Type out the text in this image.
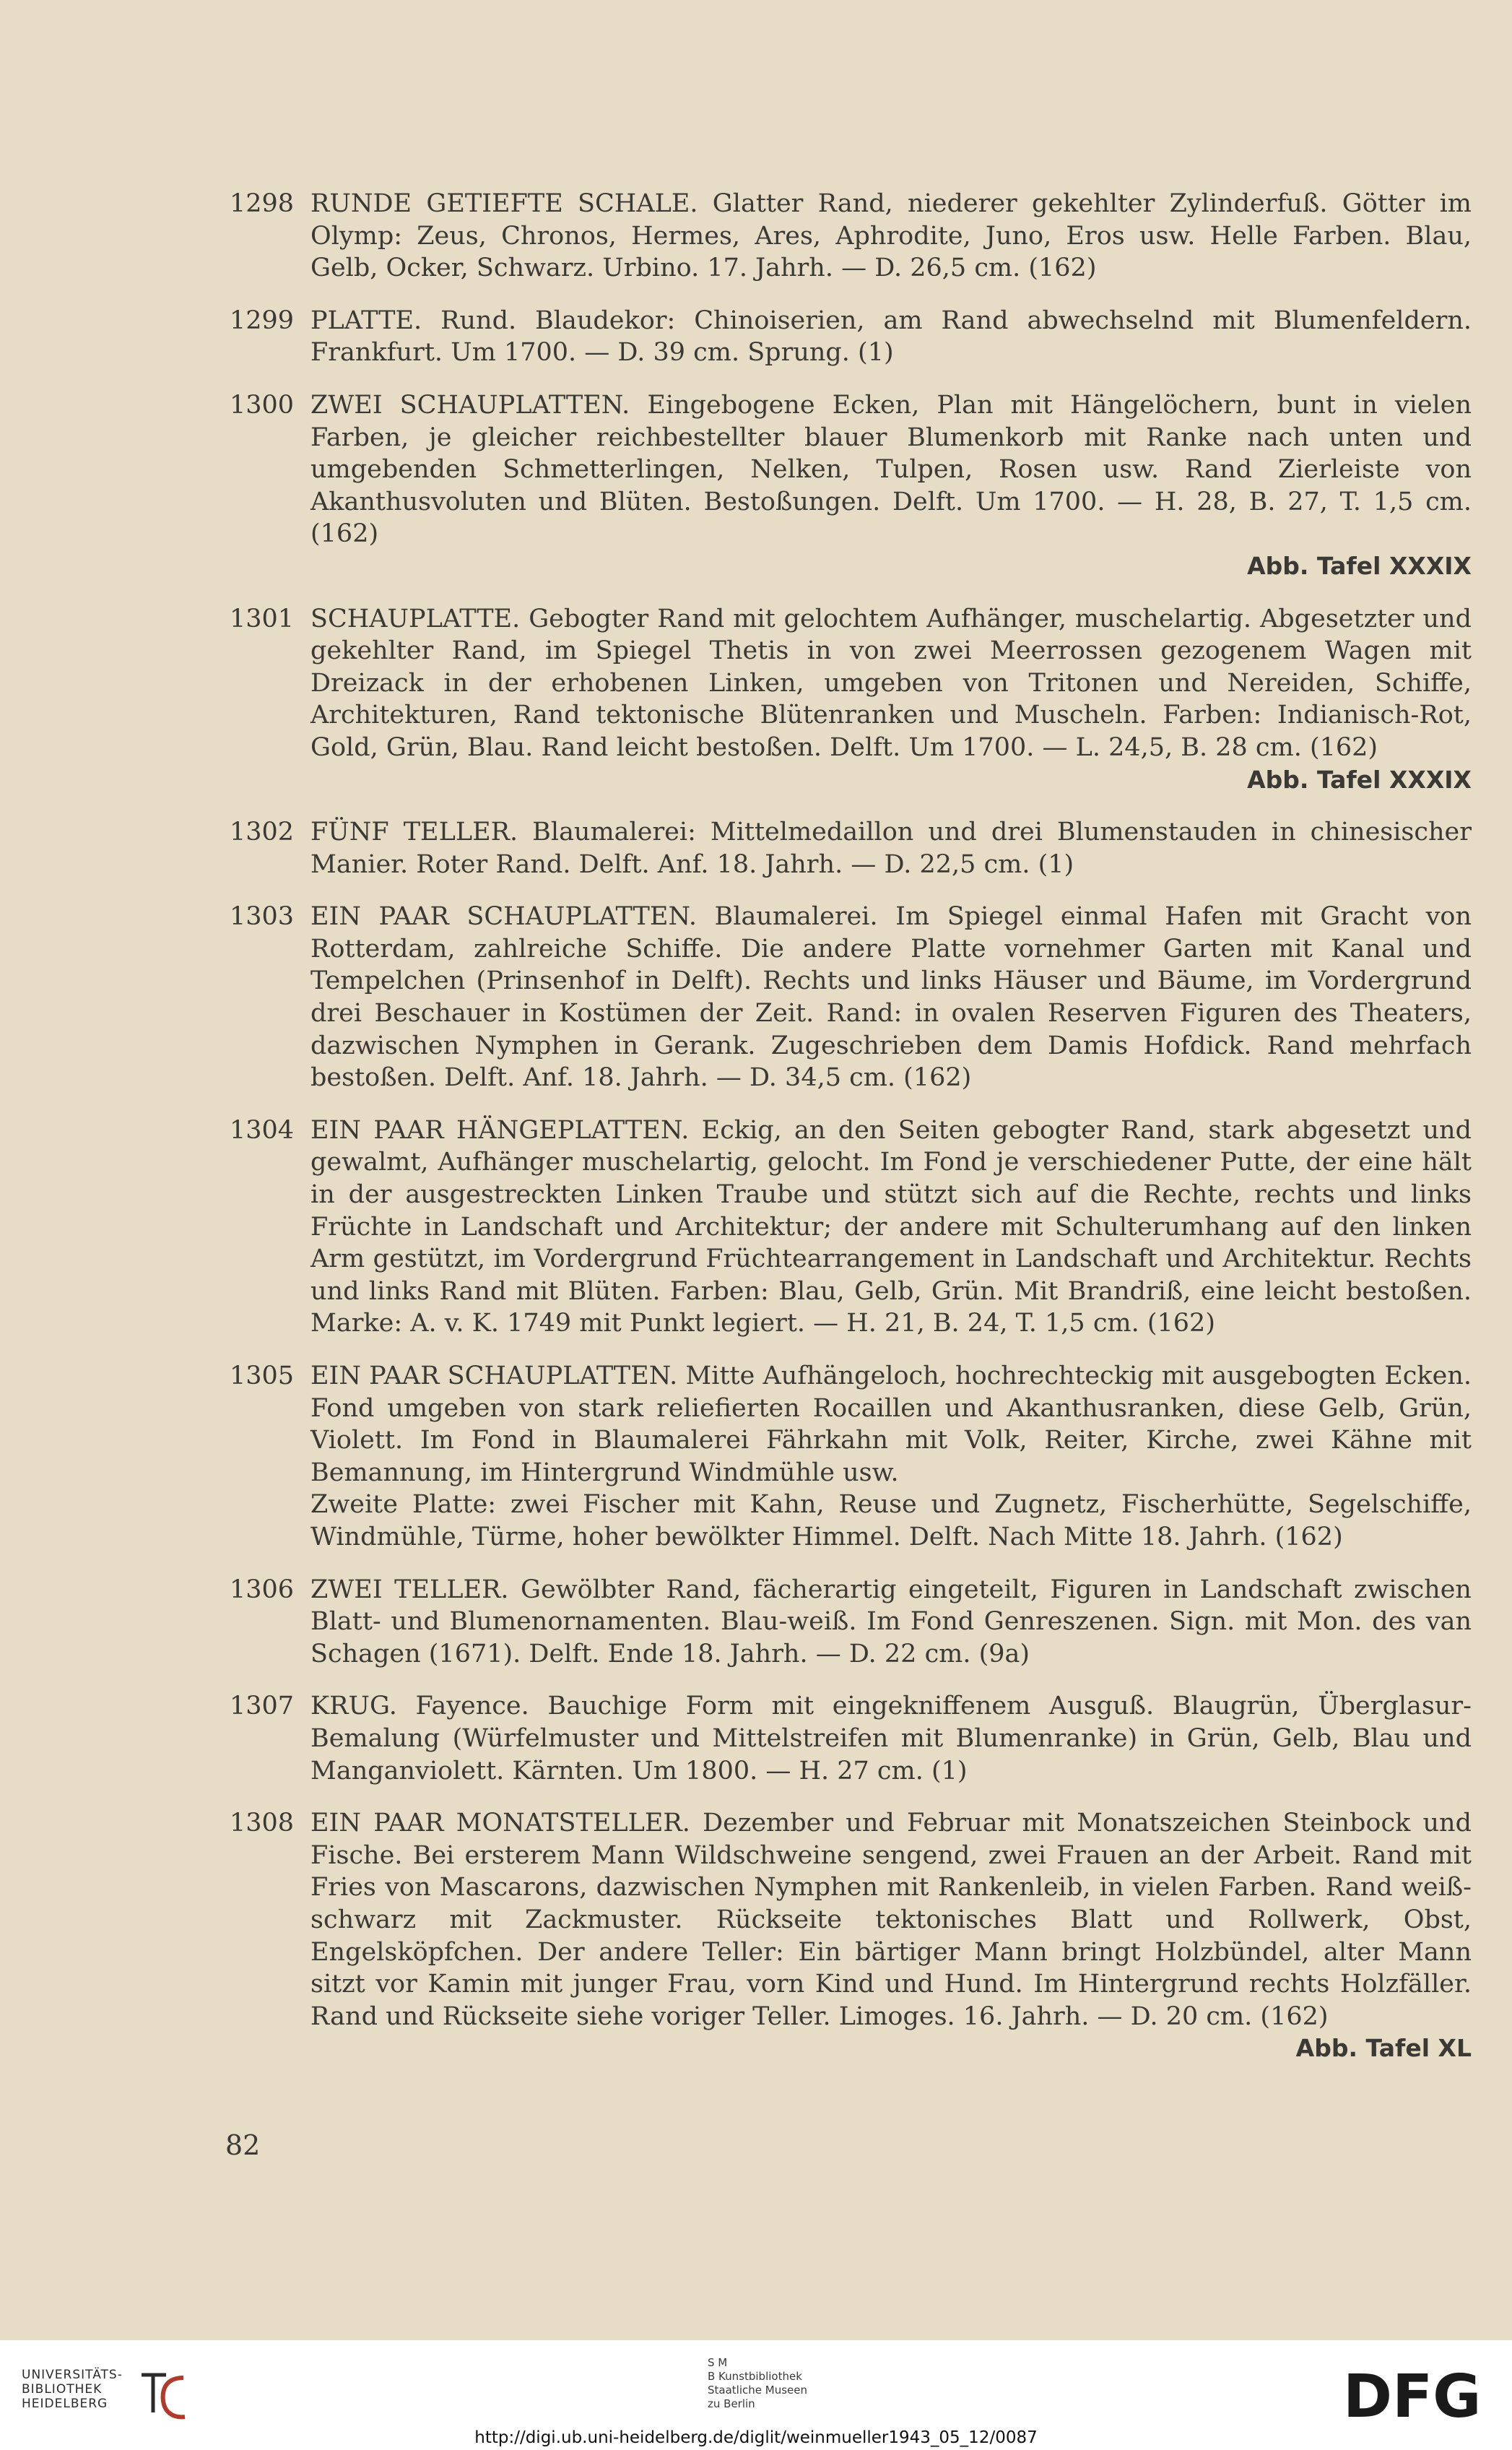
1298 RUNDE GETIEFTE SCHALE. Glatter Rand, niederer gekehlter Zylinderfuß. Götter im Olymp: Zeus, Chronos, Hermes, Ares, Aphrodite, Juno, Eros usw. Helle Farben. Blau, Gelb, Ocker, Schwarz. Urbino. 17. Jahrh. — D. 26,5 cm. (162)
1299 PLATTE. Rund. Blaudekor: Chinoiserien, am Rand abwechselnd mit Blumenfeldern. Frankfurt. Um 1700. — D. 39 cm. Sprung. (1)
1300 ZWEI SCHAUPLATTEN. Eingebogene Ecken, Plan mit Hängelöchern, bunt in vielen Farben, je gleicher reichbestellter blauer Blumenkorb mit Ranke nach unten und umgebenden Schmetterlingen, Nelken, Tulpen, Rosen usw. Rand Zierleiste von Akanthusvoluten und Blüten. Bestoßungen. Delft. Um 1700. — H. 28, B. 27, T. 1,5 cm. (162)
Abb. Tafel XXXIX
1301 SCHAUPLATTE. Gebogter Rand mit gelochtem Aufhänger, muschelartig. Abgesetzter und gekehlter Rand, im Spiegel Thetis in von zwei Meerrossen gezogenem Wagen mit Dreizack in der erhobenen Linken, umgeben von Tritonen und Nereiden, Schiffe, Architekturen, Rand tektonische Blütenranken und Muscheln. Farben: Indianisch-Rot, Gold, Grün, Blau. Rand leicht bestoßen. Delft. Um 1700. — L. 24,5, B. 28 cm. (162)
Abb. Tafel XXXIX
1302 FÜNF TELLER. Blaumalerei: Mittelmedaillon und drei Blumenstauden in chinesischer Manier. Roter Rand. Delft. Anf. 18. Jahrh. — D. 22,5 cm. (1)
1303 EIN PAAR SCHAUPLATTEN. Blaumalerei. Im Spiegel einmal Hafen mit Gracht von Rotterdam, zahlreiche Schiffe. Die andere Platte vornehmer Garten mit Kanal und Tempelchen (Prinsenhof in Delft). Rechts und links Häuser und Bäume, im Vordergrund drei Beschauer in Kostümen der Zeit. Rand: in ovalen Reserven Figuren des Theaters, dazwischen Nymphen in Gerank. Zugeschrieben dem Damis Hofdick. Rand mehrfach bestoßen. Delft. Anf. 18. Jahrh. — D. 34,5 cm. (162)
1304 EIN PAAR HÄNGEPLATTEN. Eckig, an den Seiten gebogter Rand, stark abgesetzt und gewalmt, Aufhänger muschelartig, gelocht. Im Fond je verschiedener Putte, der eine hält in der ausgestreckten Linken Traube und stützt sich auf die Rechte, rechts und links Früchte in Landschaft und Architektur; der andere mit Schulterumhang auf den linken Arm gestützt, im Vordergrund Früchtearrangement in Landschaft und Architektur. Rechts und links Rand mit Blüten. Farben: Blau, Gelb, Grün. Mit Brandriß, eine leicht bestoßen. Marke: A. v. K. 1749 mit Punkt legiert. — H. 21, B. 24, T. 1,5 cm. (162)
1305 EIN PAAR SCHAUPLATTEN. Mitte Aufhängeloch, hochrechteckig mit ausgebogten Ecken. Fond umgeben von stark reliefierten Rocaillen und Akanthusranken, diese Gelb, Grün, Violett. Im Fond in Blaumalerei Fährkahn mit Volk, Reiter, Kirche, zwei Kähne mit Bemannung, im Hintergrund Windmühle usw.
Zweite Platte: zwei Fischer mit Kahn, Reuse und Zugnetz, Fischerhütte, Segelschiffe, Windmühle, Türme, hoher bewölkter Himmel. Delft. Nach Mitte 18. Jahrh. (162)
1306 ZWEI TELLER. Gewölbter Rand, fächerartig eingeteilt, Figuren in Landschaft zwischen Blatt- und Blumenornamenten. Blau-weiß. Im Fond Genreszenen. Sign. mit Mon. des van Schagen (1671). Delft. Ende 18. Jahrh. — D. 22 cm. (9a)
1307 KRUG. Fayence. Bauchige Form mit eingekniffenem Ausguß. Blaugrün, Überglasur-Bemalung (Würfelmuster und Mittelstreifen mit Blumenranke) in Grün, Gelb, Blau und Manganviolett. Kärnten. Um 1800. — H. 27 cm. (1)
1308 EIN PAAR MONATSTELLER. Dezember und Februar mit Monatszeichen Steinbock und Fische. Bei ersterem Mann Wildschweine sengend, zwei Frauen an der Arbeit. Rand mit Fries von Mascarons, dazwischen Nymphen mit Rankenleib, in vielen Farben. Rand weiß-schwarz mit Zackmuster. Rückseite tektonisches Blatt und Rollwerk, Obst, Engelsköpfchen. Der andere Teller: Ein bärtiger Mann bringt Holzbündel, alter Mann sitzt vor Kamin mit junger Frau, vorn Kind und Hund. Im Hintergrund rechts Holzfäller. Rand und Rückseite siehe voriger Teller. Limoges. 16. Jahrh. — D. 20 cm. (162)
Abb. Tafel XL
82
UNIVERSITÄTS-
BIBLIOTHEK
HEIDELBERG
S M
B Kunstbibliothek
Staatliche Museen
zu Berlin	DFG
http://digi.ub.uni-heidelberg.de/diglit/weinmueller1943_05_12/0087
